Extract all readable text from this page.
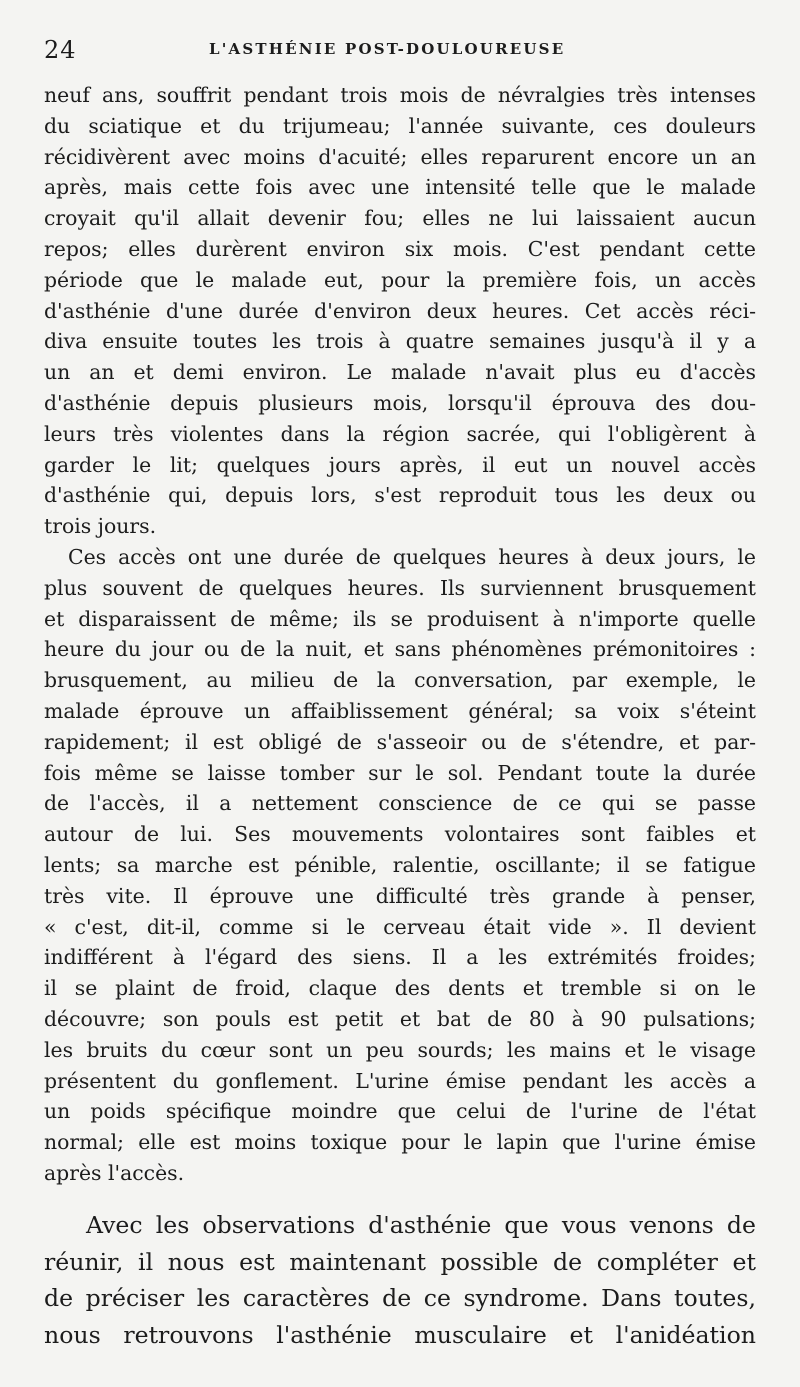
24	L'ASTHÉNIE POST-DOULOUREUSE
neuf ans, souffrit pendant trois mois de névralgies très intenses
du sciatique et du trijumeau; l'année suivante, ces douleurs
récidivèrent avec moins d'acuité; elles reparurent encore un an
après, mais cette fois avec une intensité telle que le malade
croyait qu'il allait devenir fou; elles ne lui laissaient aucun
repos; elles durèrent environ six mois. C'est pendant cette
période que le malade eut, pour la première fois, un accès
d'asthénie d'une durée d'environ deux heures. Cet accès réci-
diva ensuite toutes les trois à quatre semaines jusqu'à il y a
un an et demi environ. Le malade n'avait plus eu d'accès
d'asthénie depuis plusieurs mois, lorsqu'il éprouva des dou-
leurs très violentes dans la région sacrée, qui l'obligèrent à
garder le lit; quelques jours après, il eut un nouvel accès
d'asthénie qui, depuis lors, s'est reproduit tous les deux ou
trois jours.
Ces accès ont une durée de quelques heures à deux jours, le
plus souvent de quelques heures. Ils surviennent brusquement
et disparaissent de même; ils se produisent à n'importe quelle
heure du jour ou de la nuit, et sans phénomènes prémonitoires :
brusquement, au milieu de la conversation, par exemple, le
malade éprouve un affaiblissement général; sa voix s'éteint
rapidement; il est obligé de s'asseoir ou de s'étendre, et par-
fois même se laisse tomber sur le sol. Pendant toute la durée
de l'accès, il a nettement conscience de ce qui se passe
autour de lui. Ses mouvements volontaires sont faibles et
lents; sa marche est pénible, ralentie, oscillante; il se fatigue
très vite. Il éprouve une difficulté très grande à penser,
« c'est, dit-il, comme si le cerveau était vide ». Il devient
indifférent à l'égard des siens. Il a les extrémités froides;
il se plaint de froid, claque des dents et tremble si on le
découvre; son pouls est petit et bat de 80 à 90 pulsations;
les bruits du cœur sont un peu sourds; les mains et le visage
présentent du gonflement. L'urine émise pendant les accès a
un poids spécifique moindre que celui de l'urine de l'état
normal; elle est moins toxique pour le lapin que l'urine émise
après l'accès.
Avec les observations d'asthénie que vous venons de
réunir, il nous est maintenant possible de compléter et
de préciser les caractères de ce syndrome. Dans toutes,
nous retrouvons l'asthénie musculaire et l'anidéation
